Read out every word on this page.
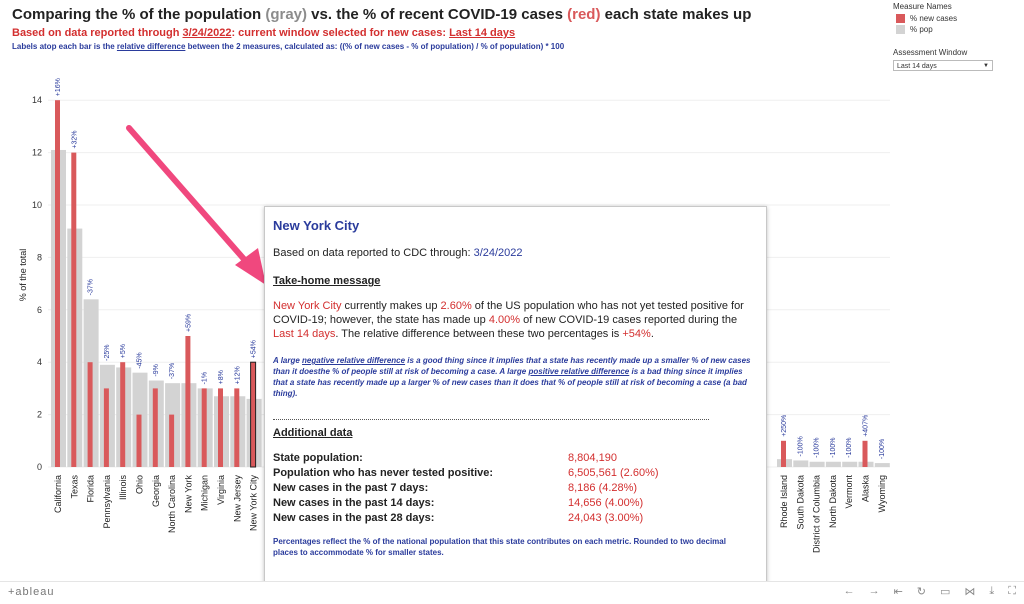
Comparing the % of the population (gray) vs. the % of recent COVID-19 cases (red) each state makes up
Based on data reported through 3/24/2022: current window selected for new cases: Last 14 days
Labels atop each bar is the relative difference between the 2 measures, calculated as: ((% of new cases - % of population) / % of population) * 100
Measure Names
% new cases
% pop
Assessment Window
Last 14 days	▼
0
2
4
6
8
10
12
14
% of the total
+16%
California
+32%
Texas
-37%
Florida
-25%
Pennsylvania
+5%
Illinois
-45%
Ohio
-9%
Georgia
-37%
North Carolina
+59%
New York
-1%
Michigan
+8%
Virginia
+12%
New Jersey
+54%
New York City
+250%
Rhode Island
-100%
South Dakota
-100%
District of Columbia
-100%
North Dakota
-100%
Vermont
+407%
Alaska
-100%
Wyoming
New York City
Based on data reported to CDC through: 3/24/2022
Take-home message
New York City currently makes up 2.60% of the US population who has not yet tested positive for COVID-19; however, the state has made up 4.00% of new COVID-19 cases reported during the Last 14 days. The relative difference between these two percentages is +54%.
A large negative relative difference is a good thing since it implies that a state has recently made up a smaller % of new cases than it doesthe % of people still at risk of becoming a case. A large positive relative difference is a bad thing since it implies that a state has recently made up a larger % of new cases than it does that % of people still at risk of becoming a case (a bad thing).
Additional data
State population:	8,804,190
Population who has never tested positive:	6,505,561 (2.60%)
New cases in the past 7 days:	8,186 (4.28%)
New cases in the past 14 days:	14,656 (4.00%)
New cases in the past 28 days:	24,043 (3.00%)
Percentages reflect the % of the national population that this state contributes on each metric. Rounded to two decimal places to accommodate % for smaller states.
+ableau	← → ⇤ ↻ ▭ ⋈ ⤓ ⛶
